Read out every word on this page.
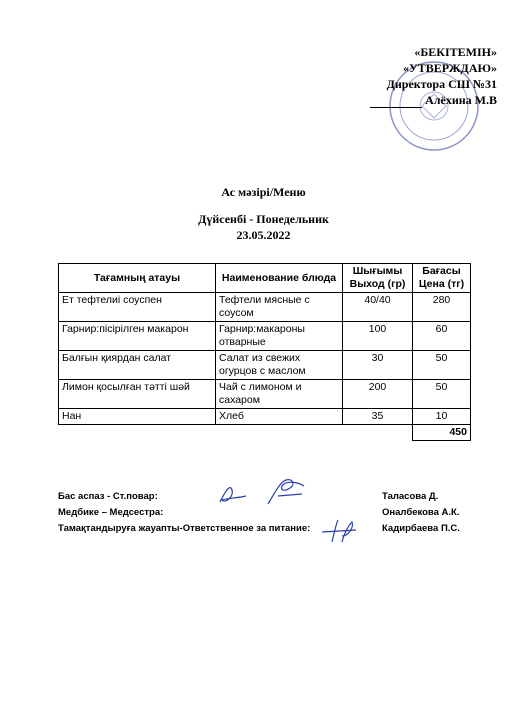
«БЕКІТЕМІН»
«УТВЕРЖДАЮ»
Директора СШ №31
Алёхина М.В
Ас мәзірі/Меню
Дүйсенбі - Понедельник
23.05.2022
Тағамның атауы	Наименование блюда	Шығымы Выход (гр)	Бағасы Цена (тг)
Ет тефтелиі соуспен	Тефтели мясные с соусом	40/40	280
Гарнир:пісірілген макарон	Гарнир:макароны отварные	100	60
Балғын қиярдан салат	Салат из свежих огурцов с маслом	30	50
Лимон қосылған тәтті шәй	Чай с лимоном и сахаром	200	50
Нан	Хлеб	35	10
			450
Бас аспаз - Ст.повар:	Таласова Д.
Медбике – Медсестра:	Оналбекова А.К.
Тамақтандыруға жауапты-Ответственное за питание:	Кадирбаева П.С.
